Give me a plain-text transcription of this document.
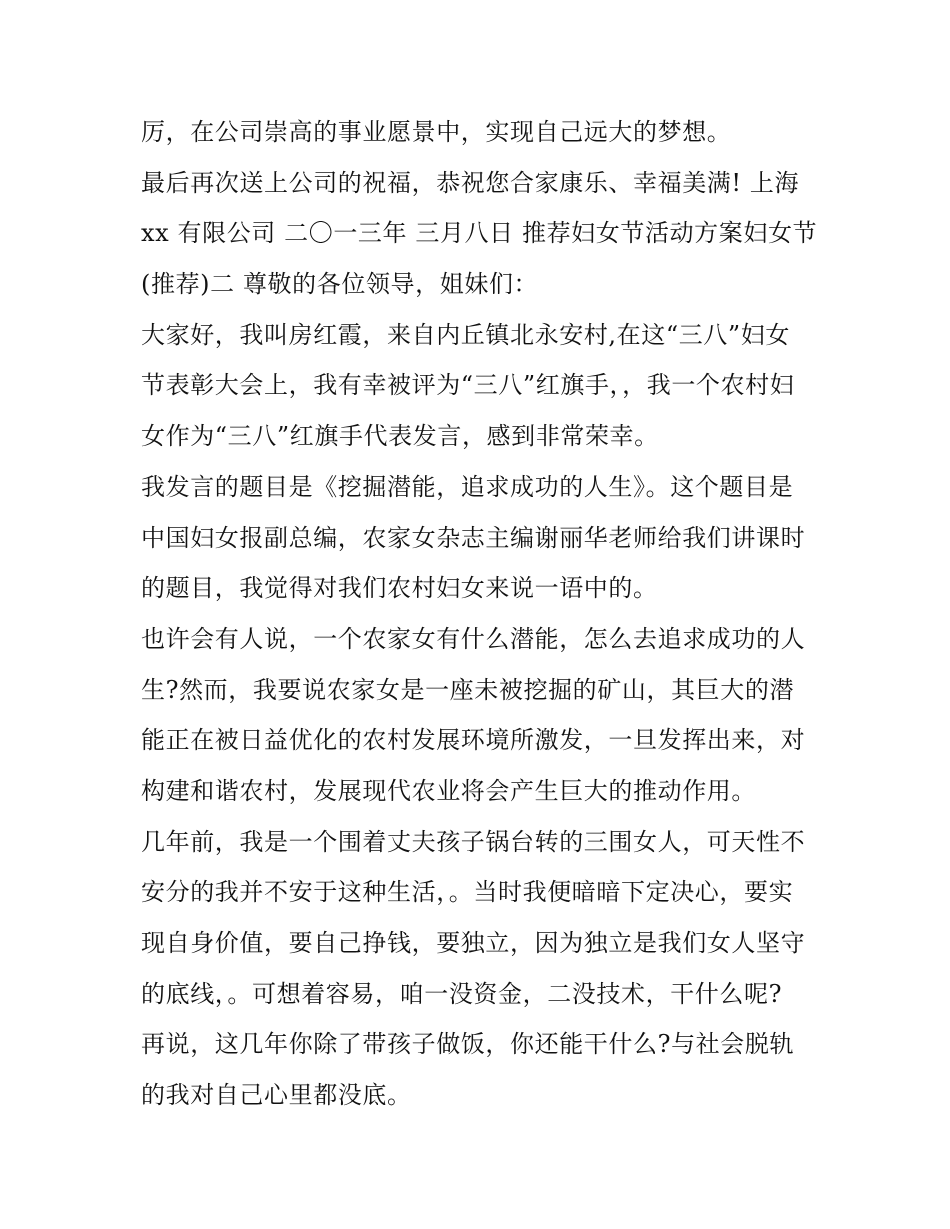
厉，在公司崇高的事业愿景中，实现自己远大的梦想。
最后再次送上公司的祝福，恭祝您合家康乐、幸福美满! 上海
xx 有限公司 二〇一三年 三月八日 推荐妇女节活动方案妇女节
(推荐)二 尊敬的各位领导，姐妹们：
大家好，我叫房红霞，来自内丘镇北永安村,在这“三八”妇女
节表彰大会上，我有幸被评为“三八”红旗手，，我一个农村妇
女作为“三八”红旗手代表发言，感到非常荣幸。
我发言的题目是《挖掘潜能，追求成功的人生》。这个题目是
中国妇女报副总编，农家女杂志主编谢丽华老师给我们讲课时
的题目，我觉得对我们农村妇女来说一语中的。
也许会有人说，一个农家女有什么潜能，怎么去追求成功的人
生?然而，我要说农家女是一座未被挖掘的矿山，其巨大的潜
能正在被日益优化的农村发展环境所激发，一旦发挥出来，对
构建和谐农村，发展现代农业将会产生巨大的推动作用。
几年前，我是一个围着丈夫孩子锅台转的三围女人，可天性不
安分的我并不安于这种生活，。当时我便暗暗下定决心，要实
现自身价值，要自己挣钱，要独立，因为独立是我们女人坚守
的底线，。可想着容易，咱一没资金，二没技术，干什么呢?
再说，这几年你除了带孩子做饭，你还能干什么?与社会脱轨
的我对自己心里都没底。
